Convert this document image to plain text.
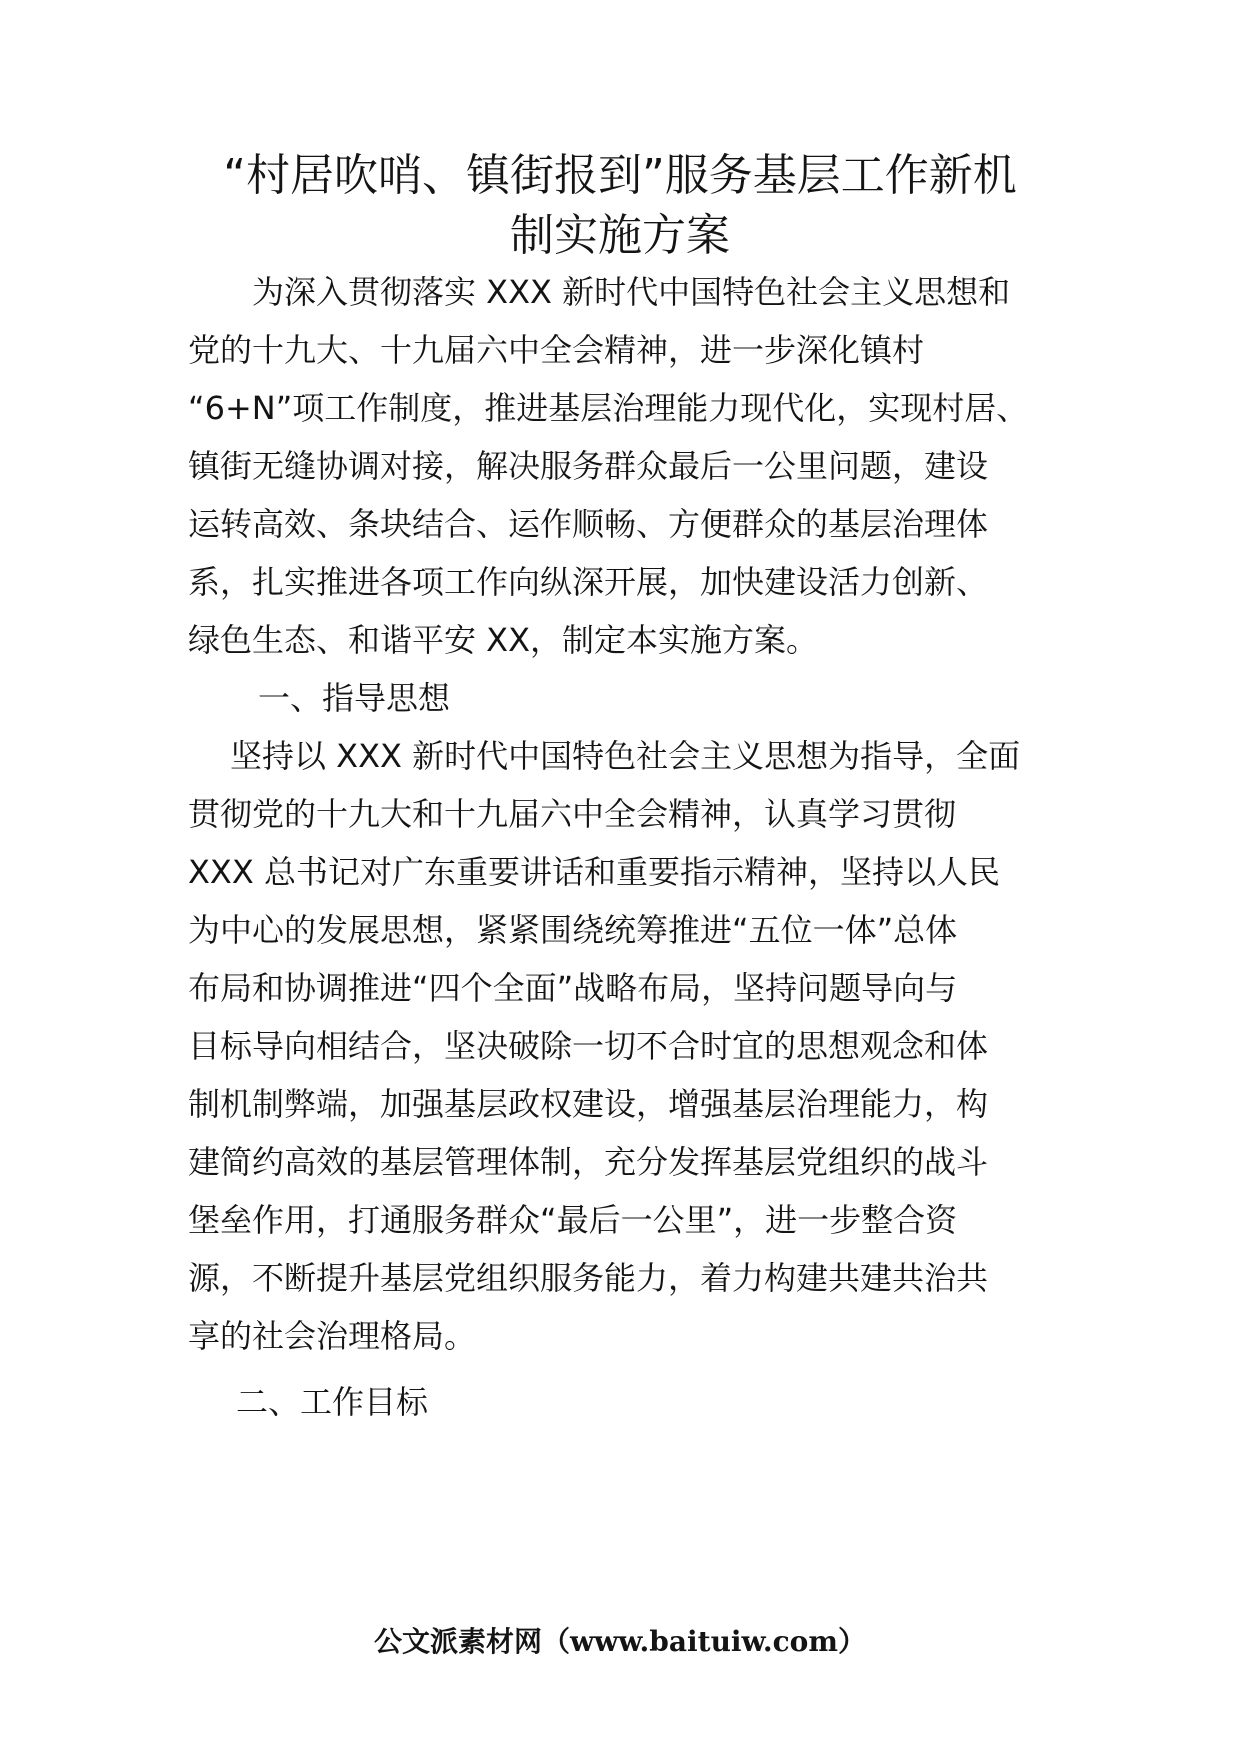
“村居吹哨、镇街报到”服务基层工作新机
制实施方案

为深入贯彻落实 XXX 新时代中国特色社会主义思想和

党的十九大、十九届六中全会精神，进一步深化镇村

“6+N”项工作制度，推进基层治理能力现代化，实现村居、

镇街无缝协调对接，解决服务群众最后一公里问题，建设

运转高效、条块结合、运作顺畅、方便群众的基层治理体

系，扎实推进各项工作向纵深开展，加快建设活力创新、

绿色生态、和谐平安 XX，制定本实施方案。

一、指导思想

坚持以 XXX 新时代中国特色社会主义思想为指导，全面

贯彻党的十九大和十九届六中全会精神，认真学习贯彻

XXX 总书记对广东重要讲话和重要指示精神，坚持以人民

为中心的发展思想，紧紧围绕统筹推进“五位一体”总体

布局和协调推进“四个全面”战略布局，坚持问题导向与

目标导向相结合，坚决破除一切不合时宜的思想观念和体

制机制弊端，加强基层政权建设，增强基层治理能力，构

建简约高效的基层管理体制，充分发挥基层党组织的战斗

堡垒作用，打通服务群众“最后一公里”，进一步整合资

源，不断提升基层党组织服务能力，着力构建共建共治共

享的社会治理格局。

二、工作目标

公文派素材网（www.baituiw.com）
